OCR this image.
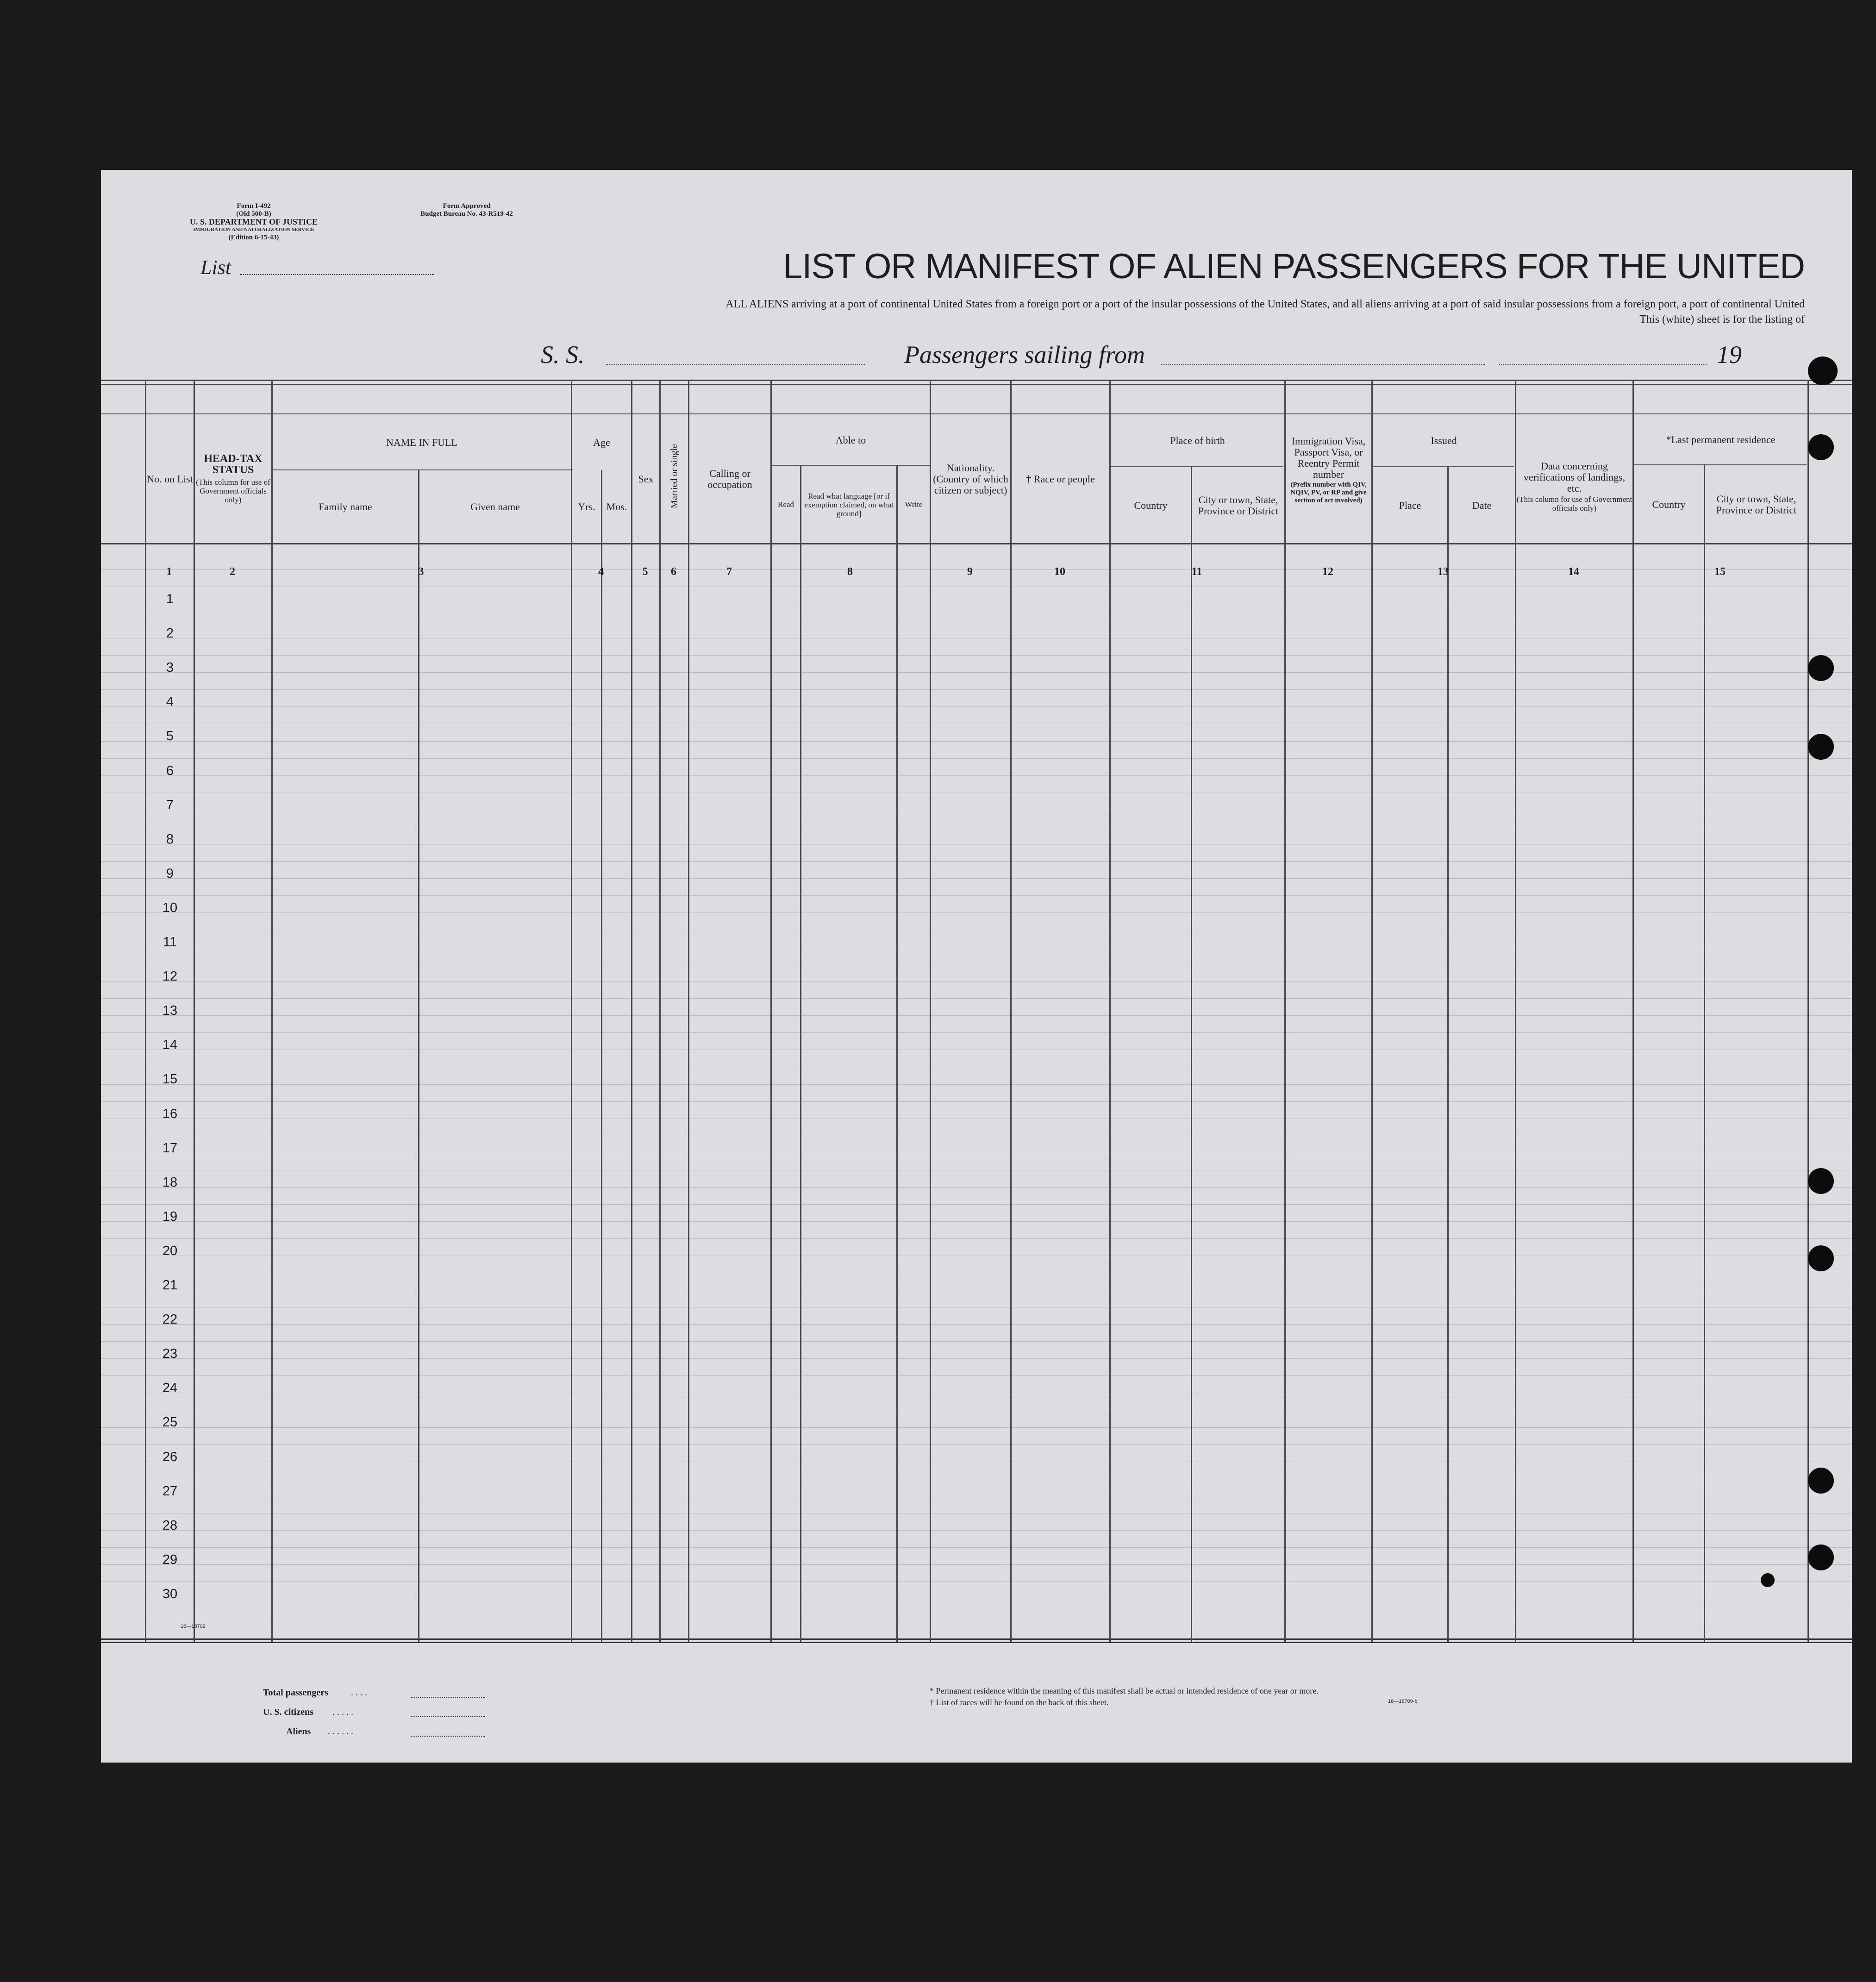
Form I-492
(Old 500-B)
U. S. DEPARTMENT OF JUSTICE
IMMIGRATION AND NATURALIZATION SERVICE
(Edition 6-15-43)
Form Approved
Budget Bureau No. 43-R519-42
List	LIST OR MANIFEST OF ALIEN PASSENGERS FOR THE UNITED
ALL ALIENS arriving at a port of continental United States from a foreign port or a port of the insular possessions of the United States, and all aliens arriving at a port of said insular possessions from a foreign port, a port of continental United
This (white) sheet is for the listing of
S. S.	Passengers sailing from	19
1	2	3	4	5	6	7	8	9	10	11	12	13	14	15
No. on List
HEAD-TAX STATUS
(This column for use of Government officials only)
NAME IN FULL
Family name	Given name
Age
Yrs.	Mos.
Sex	Married or single	Calling or occupation
Able to
Read
Read what language [or if exemption claimed, on what ground]
Write
Nationality. (Country of which citizen or subject)
† Race or people
Place of birth
Country	City or town, State, Province or District
Immigration Visa, Passport Visa, or Reentry Permit number
(Prefix number with QIV, NQIV, PV, or RP and give section of act involved)
Issued
Place	Date
Data concerning verifications of landings, etc.
(This column for use of Government officials only)
*Last permanent residence
Country	City or town, State, Province or District
1
2
3
4
5
6
7
8
9
10
11
12
13
14
15
16
17
18
19
20
21
22
23
24
25
26
27
28
29
30
16—18709
Total passengers . . . .
U. S. citizens . . . . .
Aliens . . . . . .
* Permanent residence within the meaning of this manifest shall be actual or intended residence of one year or more.
† List of races will be found on the back of this sheet.	16—18709-b
